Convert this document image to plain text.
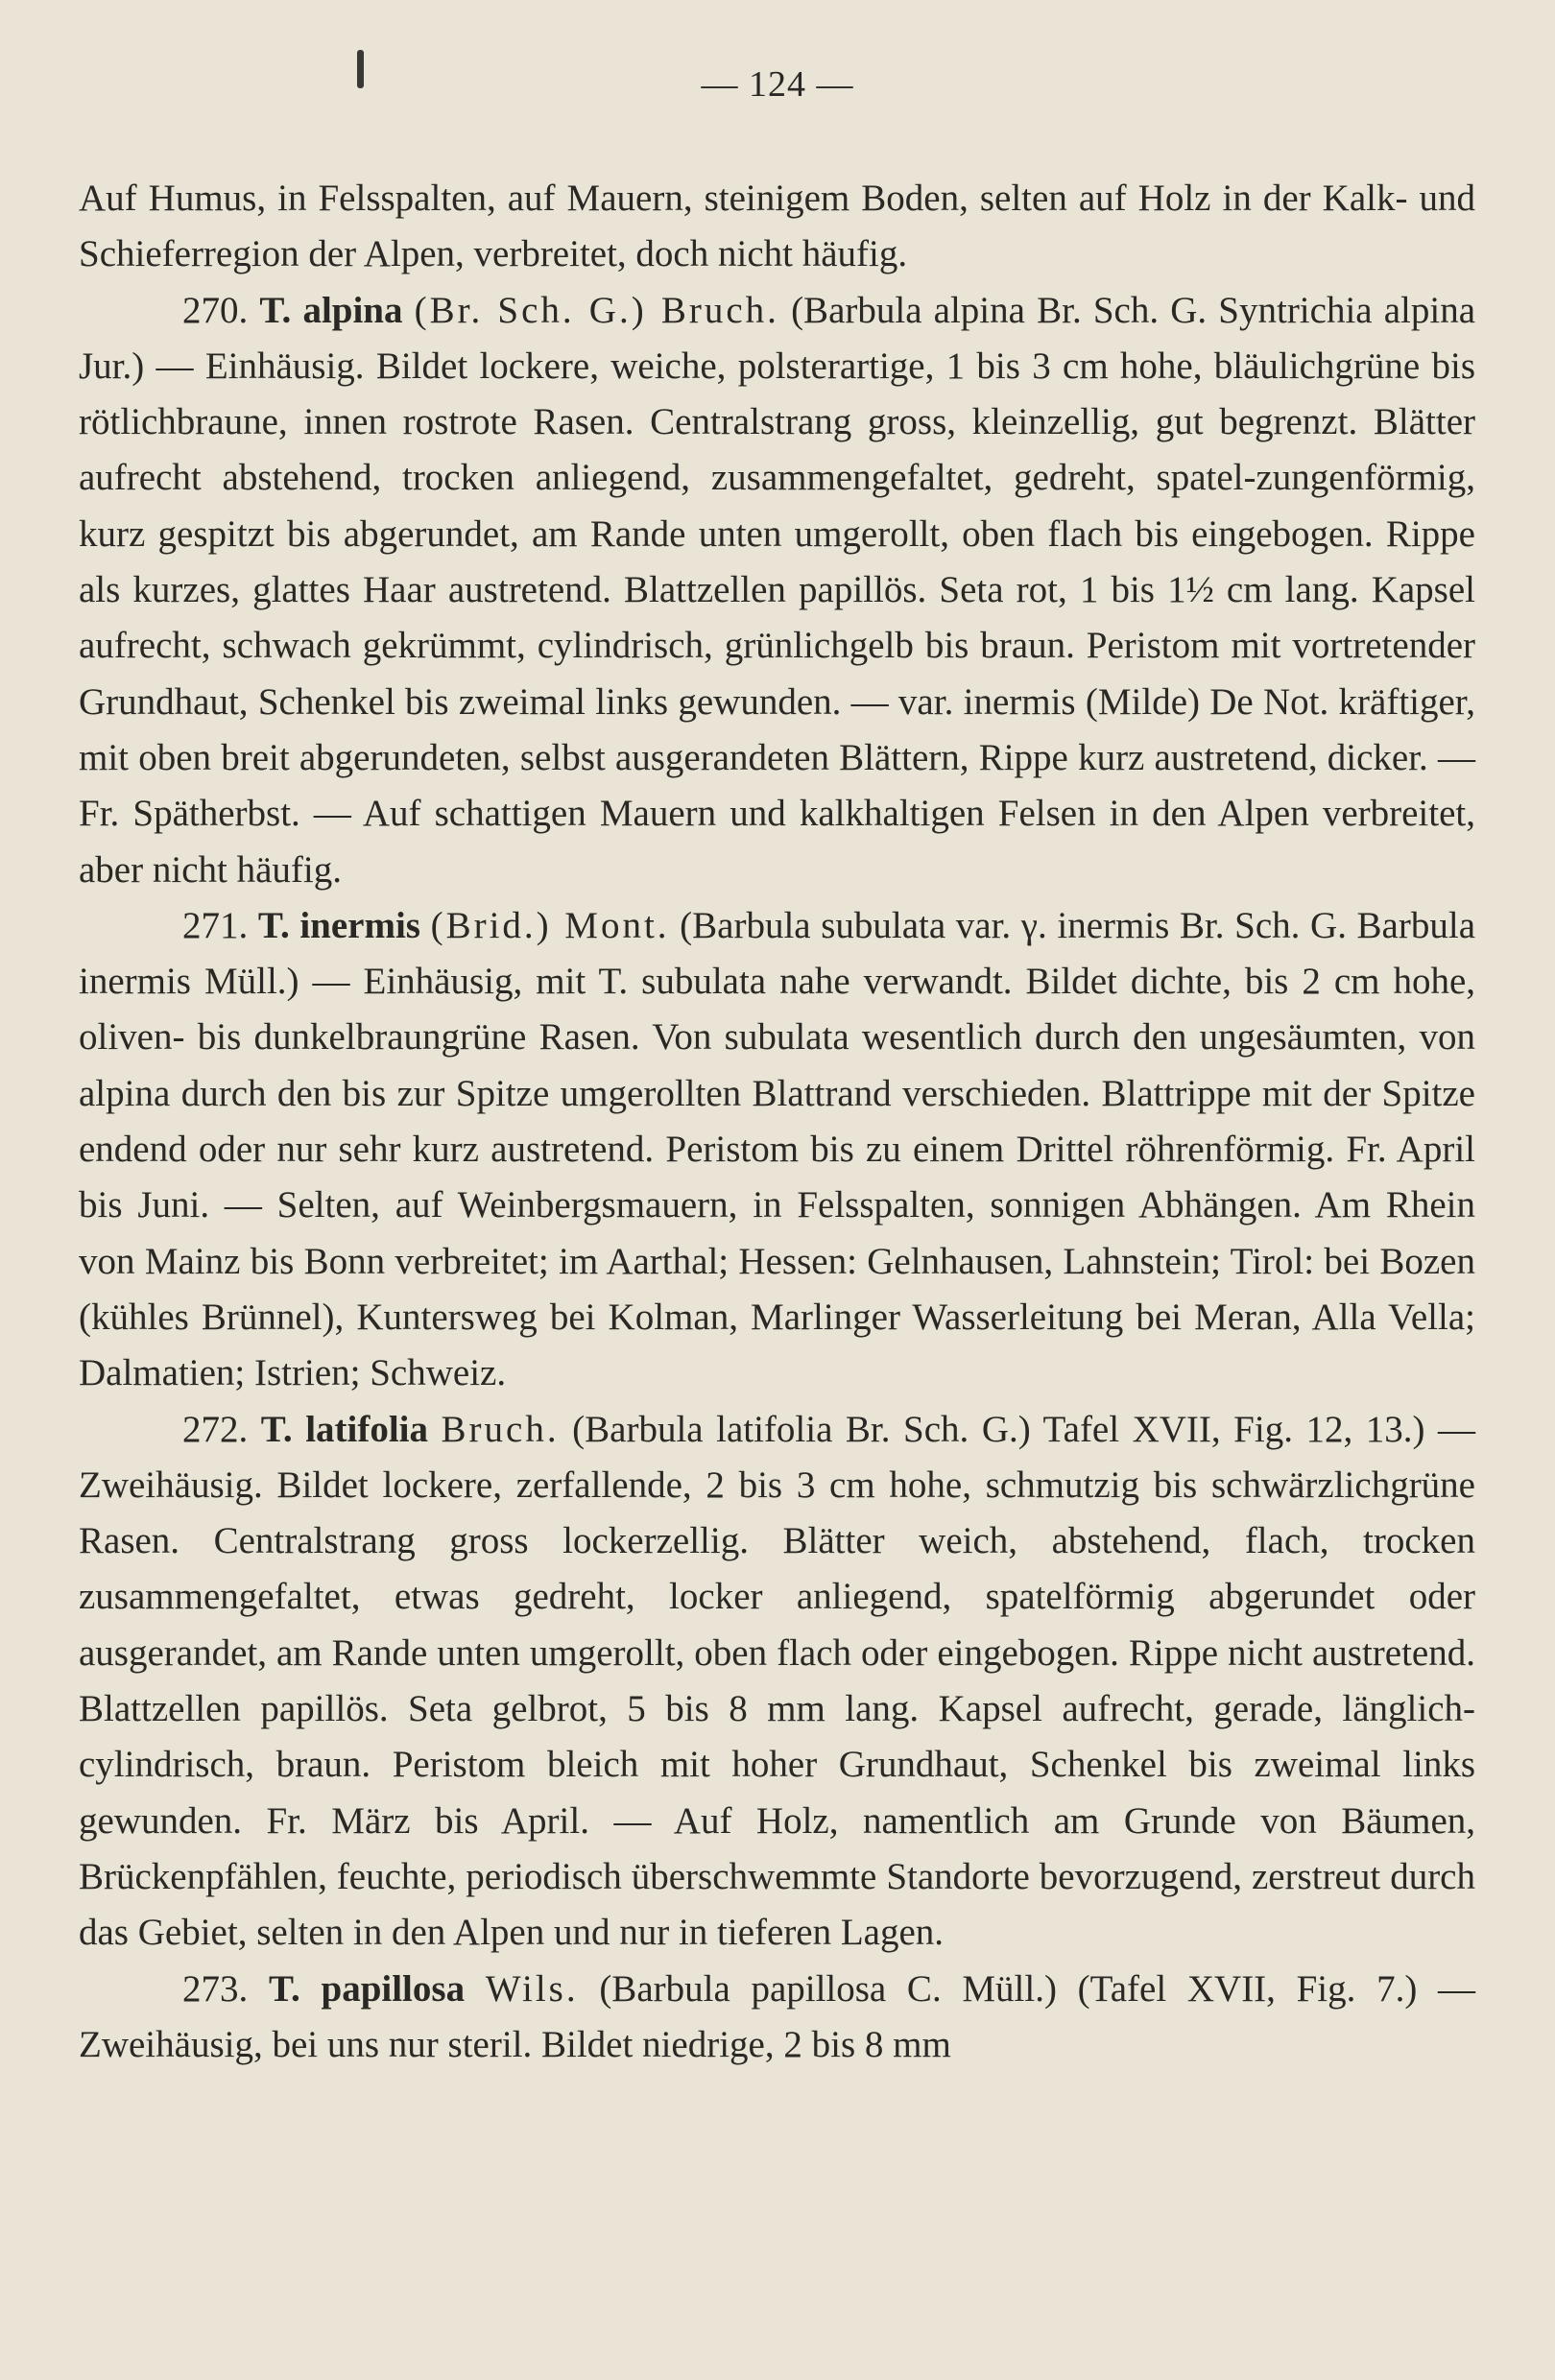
— 124 —

Auf Humus, in Felsspalten, auf Mauern, steinigem Boden, selten auf Holz in der Kalk- und Schieferregion der Alpen, verbreitet, doch nicht häufig.

270. T. alpina (Br. Sch. G.) Bruch. (Barbula alpina Br. Sch. G. Syntrichia alpina Jur.) — Einhäusig. Bildet lockere, weiche, polsterartige, 1 bis 3 cm hohe, bläulichgrüne bis rötlichbraune, innen rostrote Rasen. Centralstrang gross, kleinzellig, gut begrenzt. Blätter aufrecht abstehend, trocken anliegend, zusammengefaltet, gedreht, spatel-zungenförmig, kurz gespitzt bis abgerundet, am Rande unten umgerollt, oben flach bis eingebogen. Rippe als kurzes, glattes Haar austretend. Blattzellen papillös. Seta rot, 1 bis 1½ cm lang. Kapsel aufrecht, schwach gekrümmt, cylindrisch, grünlichgelb bis braun. Peristom mit vortretender Grundhaut, Schenkel bis zweimal links gewunden. — var. inermis (Milde) De Not. kräftiger, mit oben breit abgerundeten, selbst ausgerandeten Blättern, Rippe kurz austretend, dicker. — Fr. Spätherbst. — Auf schattigen Mauern und kalkhaltigen Felsen in den Alpen verbreitet, aber nicht häufig.

271. T. inermis (Brid.) Mont. (Barbula subulata var. γ. inermis Br. Sch. G. Barbula inermis Müll.) — Einhäusig, mit T. subulata nahe verwandt. Bildet dichte, bis 2 cm hohe, oliven- bis dunkelbraungrüne Rasen. Von subulata wesentlich durch den ungesäumten, von alpina durch den bis zur Spitze umgerollten Blattrand verschieden. Blattrippe mit der Spitze endend oder nur sehr kurz austretend. Peristom bis zu einem Drittel röhrenförmig. Fr. April bis Juni. — Selten, auf Weinbergsmauern, in Felsspalten, sonnigen Abhängen. Am Rhein von Mainz bis Bonn verbreitet; im Aarthal; Hessen: Gelnhausen, Lahnstein; Tirol: bei Bozen (kühles Brünnel), Kuntersweg bei Kolman, Marlinger Wasserleitung bei Meran, Alla Vella; Dalmatien; Istrien; Schweiz.

272. T. latifolia Bruch. (Barbula latifolia Br. Sch. G.) Tafel XVII, Fig. 12, 13.) — Zweihäusig. Bildet lockere, zerfallende, 2 bis 3 cm hohe, schmutzig bis schwärzlichgrüne Rasen. Centralstrang gross lockerzellig. Blätter weich, abstehend, flach, trocken zusammengefaltet, etwas gedreht, locker anliegend, spatelförmig abgerundet oder ausgerandet, am Rande unten umgerollt, oben flach oder eingebogen. Rippe nicht austretend. Blattzellen papillös. Seta gelbrot, 5 bis 8 mm lang. Kapsel aufrecht, gerade, länglich-cylindrisch, braun. Peristom bleich mit hoher Grundhaut, Schenkel bis zweimal links gewunden. Fr. März bis April. — Auf Holz, namentlich am Grunde von Bäumen, Brückenpfählen, feuchte, periodisch überschwemmte Standorte bevorzugend, zerstreut durch das Gebiet, selten in den Alpen und nur in tieferen Lagen.

273. T. papillosa Wils. (Barbula papillosa C. Müll.) (Tafel XVII, Fig. 7.) — Zweihäusig, bei uns nur steril. Bildet niedrige, 2 bis 8 mm
